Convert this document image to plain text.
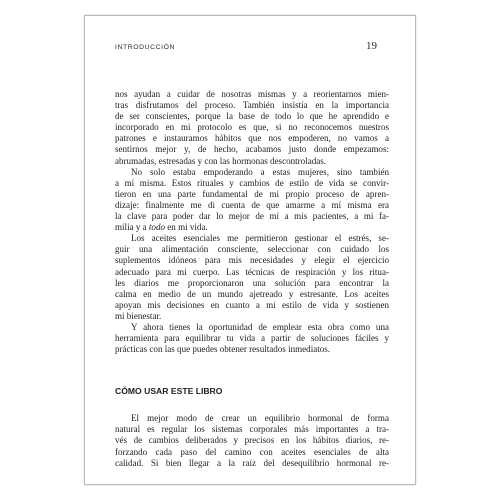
INTRODUCCIÓN	19
nos ayudan a cuidar de nosotras mismas y a reorientarnos mien-
tras disfrutamos del proceso. También insistía en la importancia
de ser conscientes, porque la base de todo lo que he aprendido e
incorporado en mi protocolo es que, si no reconocemos nuestros
patrones e instauramos hábitos que nos empoderen, no vamos a
sentirnos mejor y, de hecho, acabamos justo donde empezamos:
abrumadas, estresadas y con las hormonas descontroladas.
No solo estaba empoderando a estas mujeres, sino también
a mí misma. Estos rituales y cambios de estilo de vida se convir-
tieron en una parte fundamental de mi propio proceso de apren-
dizaje: finalmente me di cuenta de que amarme a mí misma era
la clave para poder dar lo mejor de mí a mis pacientes, a mi fa-
milia y a todo en mi vida.
Los aceites esenciales me permitieron gestionar el estrés, se-
guir una alimentación consciente, seleccionar con cuidado los
suplementos idóneos para mis necesidades y elegir el ejercicio
adecuado para mi cuerpo. Las técnicas de respiración y los ritua-
les diarios me proporcionaron una solución para encontrar la
calma en medio de un mundo ajetreado y estresante. Los aceites
apoyan mis decisiones en cuanto a mi estilo de vida y sostienen
mi bienestar.
Y ahora tienes la oportunidad de emplear esta obra como una
herramienta para equilibrar tu vida a partir de soluciones fáciles y
prácticas con las que puedes obtener resultados inmediatos.
CÓMO USAR ESTE LIBRO
El mejor modo de crear un equilibrio hormonal de forma
natural es regular los sistemas corporales más importantes a tra-
vés de cambios deliberados y precisos en los hábitos diarios, re-
forzando cada paso del camino con aceites esenciales de alta
calidad. Si bien llegar a la raíz del desequilibrio hormonal re-
